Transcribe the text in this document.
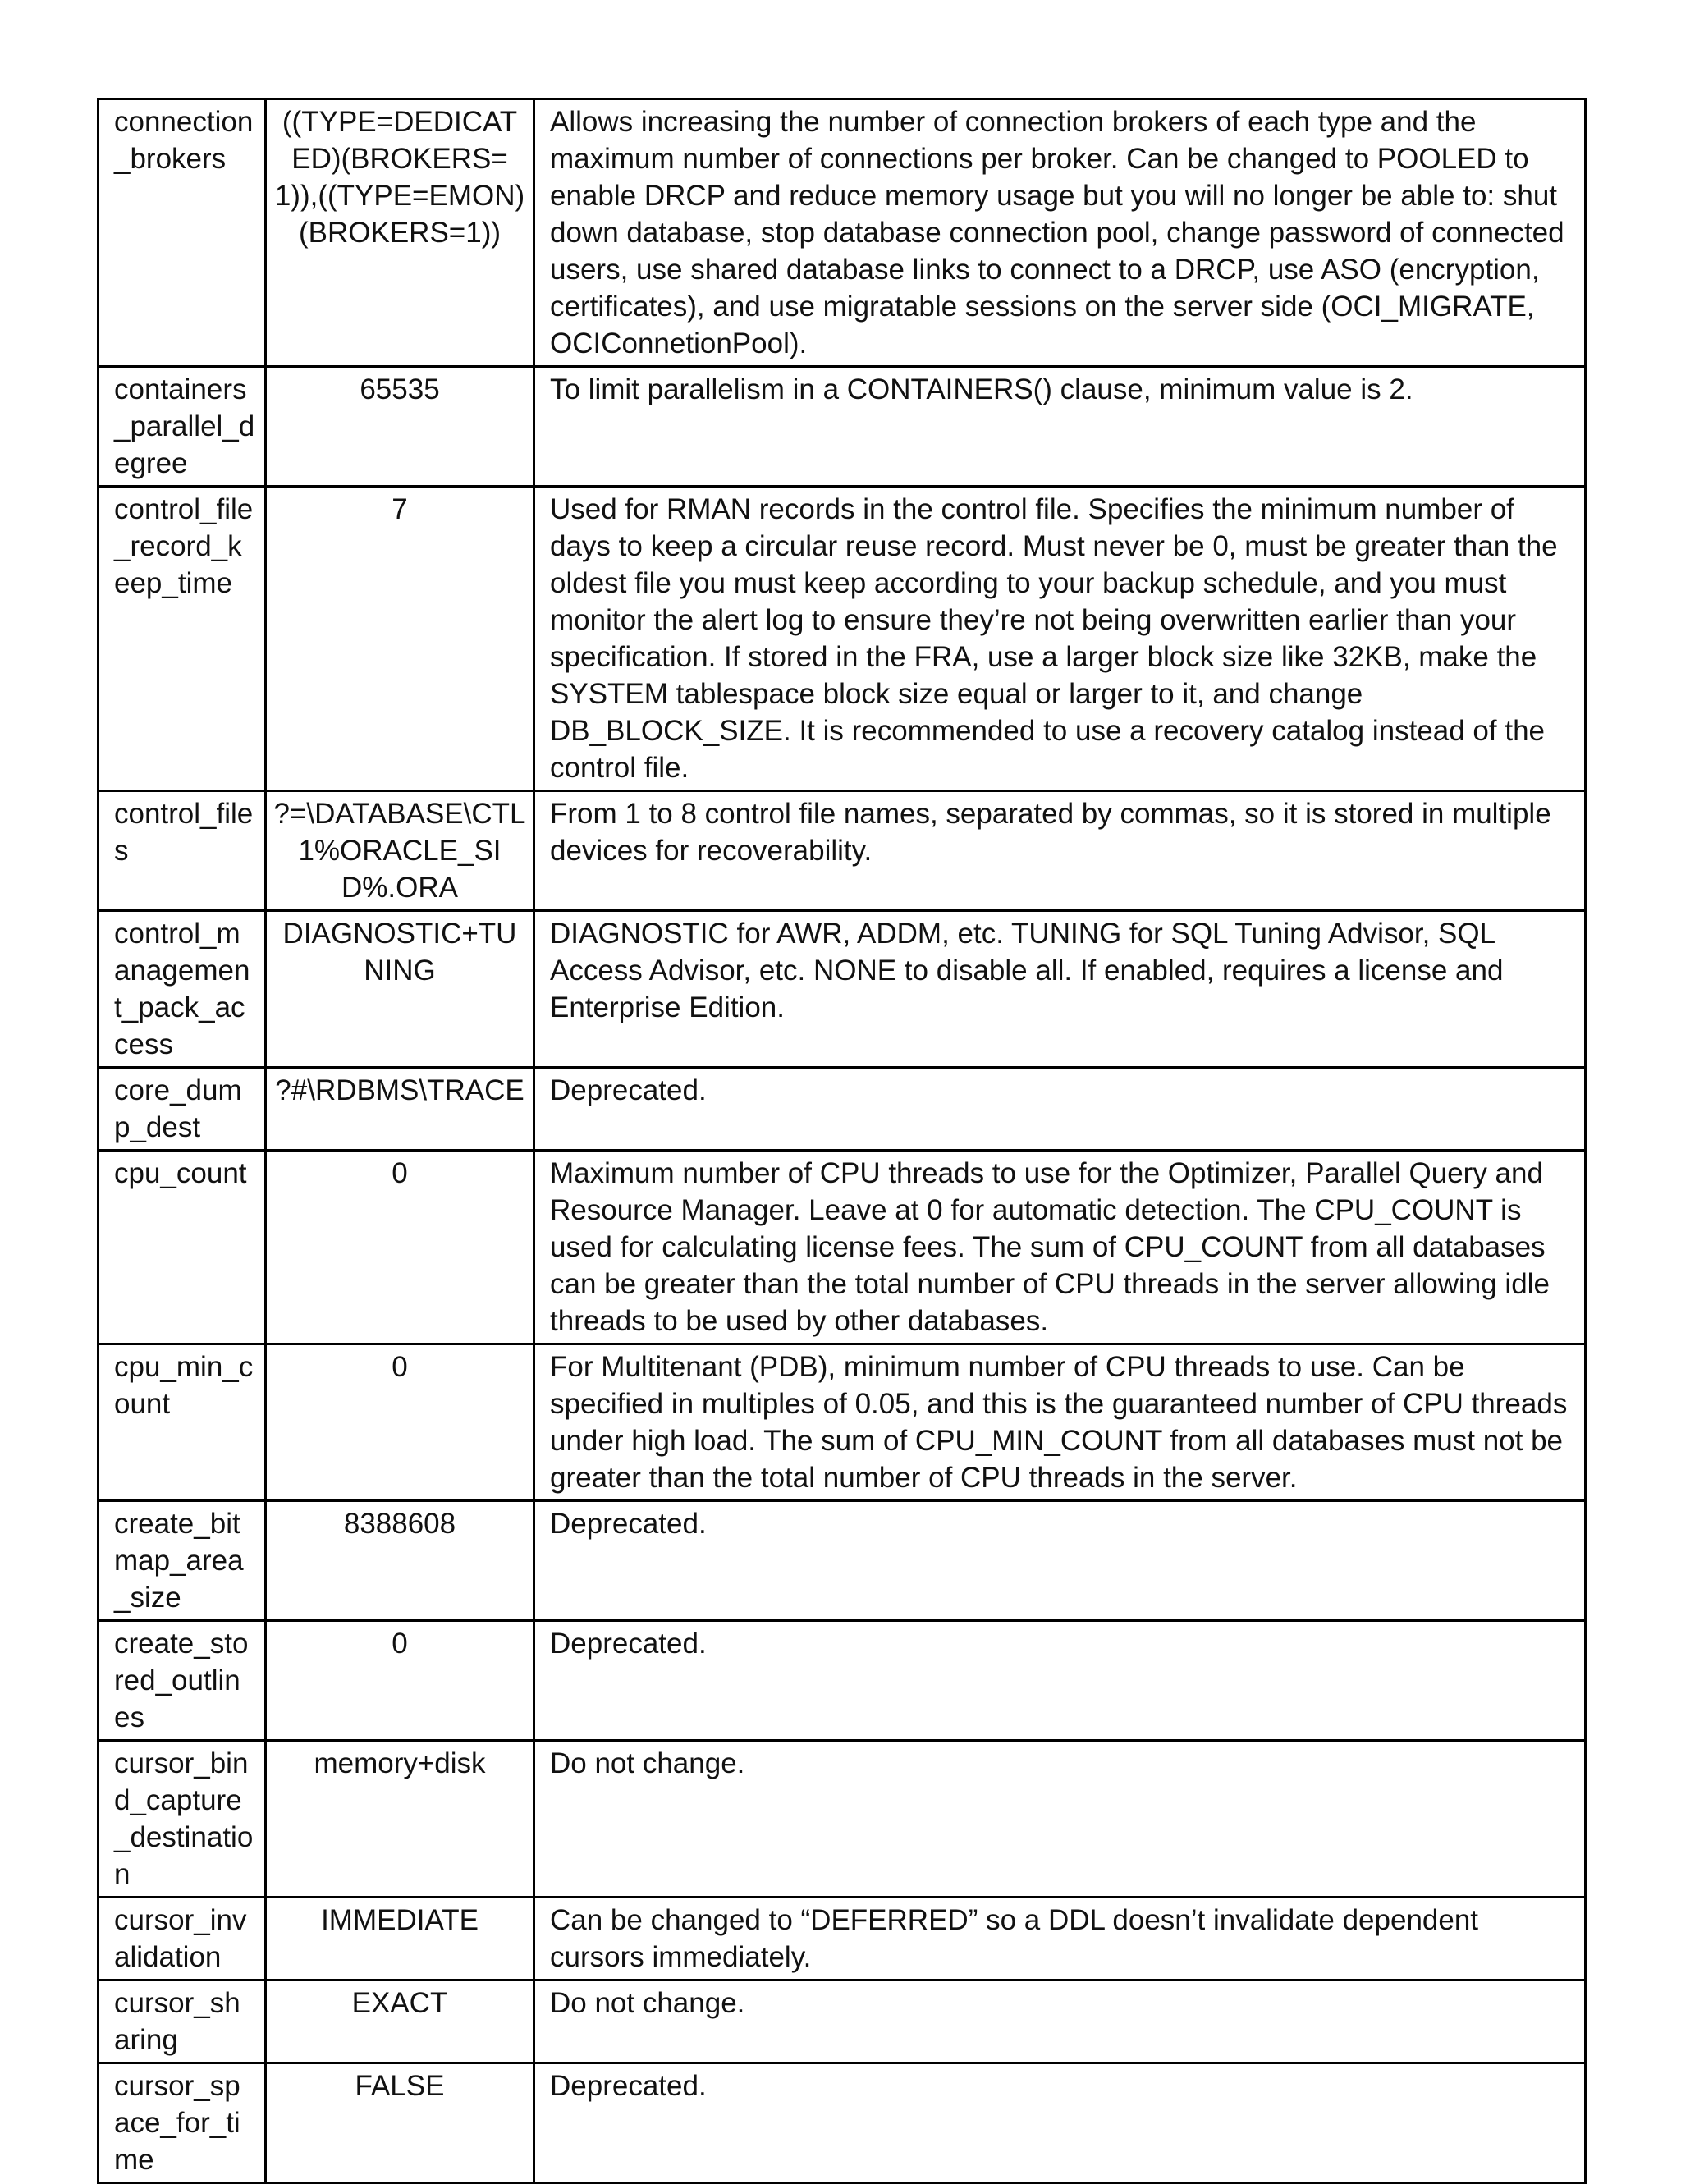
connection_brokers	((TYPE=DEDICATED)(BROKERS=1)),((TYPE=EMON)(BROKERS=1))	Allows increasing the number of connection brokers of each type and the maximum number of connections per broker. Can be changed to POOLED to enable DRCP and reduce memory usage but you will no longer be able to: shut down database, stop database connection pool, change password of connected users, use shared database links to connect to a DRCP, use ASO (encryption, certificates), and use migratable sessions on the server side (OCI_MIGRATE, OCIConnetionPool).
containers_parallel_degree	65535	To limit parallelism in a CONTAINERS() clause, minimum value is 2.
control_file_record_keep_time	7	Used for RMAN records in the control file. Specifies the minimum number of days to keep a circular reuse record. Must never be 0, must be greater than the oldest file you must keep according to your backup schedule, and you must monitor the alert log to ensure they’re not being overwritten earlier than your specification. If stored in the FRA, use a larger block size like 32KB, make the SYSTEM tablespace block size equal or larger to it, and change DB_BLOCK_SIZE. It is recommended to use a recovery catalog instead of the control file.
control_files	?=\DATABASE\CTL1%ORACLE_SID%.ORA	From 1 to 8 control file names, separated by commas, so it is stored in multiple devices for recoverability.
control_management_pack_access	DIAGNOSTIC+TUNING	DIAGNOSTIC for AWR, ADDM, etc. TUNING for SQL Tuning Advisor, SQL Access Advisor, etc. NONE to disable all. If enabled, requires a license and Enterprise Edition.
core_dump_dest	?#\RDBMS\TRACE	Deprecated.
cpu_count	0	Maximum number of CPU threads to use for the Optimizer, Parallel Query and Resource Manager. Leave at 0 for automatic detection. The CPU_COUNT is used for calculating license fees. The sum of CPU_COUNT from all databases can be greater than the total number of CPU threads in the server allowing idle threads to be used by other databases.
cpu_min_count	0	For Multitenant (PDB), minimum number of CPU threads to use. Can be specified in multiples of 0.05, and this is the guaranteed number of CPU threads under high load. The sum of CPU_MIN_COUNT from all databases must not be greater than the total number of CPU threads in the server.
create_bitmap_area_size	8388608	Deprecated.
create_stored_outlines	0	Deprecated.
cursor_bind_capture_destination	memory+disk	Do not change.
cursor_invalidation	IMMEDIATE	Can be changed to “DEFERRED” so a DDL doesn’t invalidate dependent cursors immediately.
cursor_sharing	EXACT	Do not change.
cursor_space_for_time	FALSE	Deprecated.
